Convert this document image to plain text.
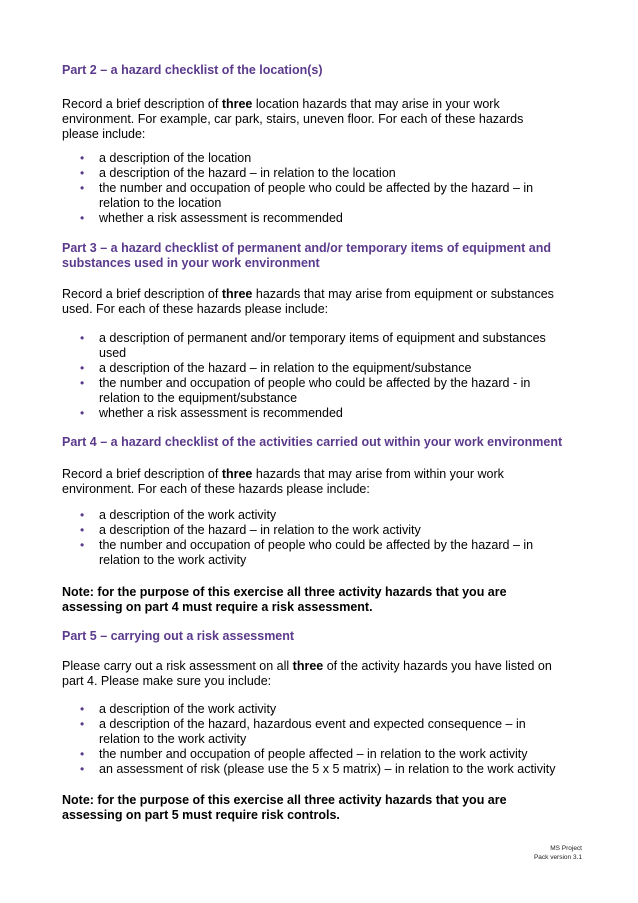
Part 2 – a hazard checklist of the location(s)

Record a brief description of three location hazards that may arise in your work

environment. For example, car park, stairs, uneven floor. For each of these hazards

please include:

• a description of the location
• a description of the hazard – in relation to the location
• the number and occupation of people who could be affected by the hazard – in
relation to the location
• whether a risk assessment is recommended

Part 3 – a hazard checklist of permanent and/or temporary items of equipment and

substances used in your work environment

Record a brief description of three hazards that may arise from equipment or substances

used. For each of these hazards please include:

• a description of permanent and/or temporary items of equipment and substances
used
• a description of the hazard – in relation to the equipment/substance
• the number and occupation of people who could be affected by the hazard - in
relation to the equipment/substance
• whether a risk assessment is recommended

Part 4 – a hazard checklist of the activities carried out within your work environment

Record a brief description of three hazards that may arise from within your work

environment. For each of these hazards please include:

• a description of the work activity
• a description of the hazard – in relation to the work activity
• the number and occupation of people who could be affected by the hazard – in
relation to the work activity

Note: for the purpose of this exercise all three activity hazards that you are

assessing on part 4 must require a risk assessment.

Part 5 – carrying out a risk assessment

Please carry out a risk assessment on all three of the activity hazards you have listed on

part 4. Please make sure you include:

• a description of the work activity
• a description of the hazard, hazardous event and expected consequence – in
relation to the work activity
• the number and occupation of people affected – in relation to the work activity
• an assessment of risk (please use the 5 x 5 matrix) – in relation to the work activity

Note: for the purpose of this exercise all three activity hazards that you are

assessing on part 5 must require risk controls.

MS Project
Pack version 3.1
